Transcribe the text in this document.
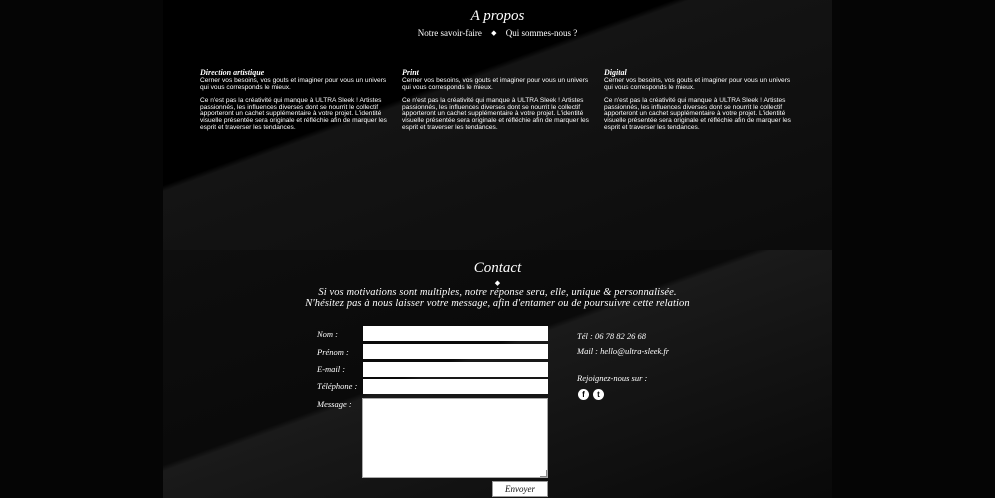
A propos
Notre savoir-faire ◆ Qui sommes-nous ?
Direction artistique

Cerner vos besoins, vos gouts et imaginer pour vous un univers qui vous corresponds le mieux.

Ce n'est pas la créativité qui manque à ULTRA Sleek ! Artistes passionnés, les influences diverses dont se nourrit le collectif apporteront un cachet supplémentaire à votre projet. L'identité visuelle présentée sera originale et réfléchie afin de marquer les esprit et traverser les tendances.

Print

Cerner vos besoins, vos gouts et imaginer pour vous un univers qui vous corresponds le mieux.

Ce n'est pas la créativité qui manque à ULTRA Sleek ! Artistes passionnés, les influences diverses dont se nourrit le collectif apporteront un cachet supplémentaire à votre projet. L'identité visuelle présentée sera originale et réfléchie afin de marquer les esprit et traverser les tendances.

Digital

Cerner vos besoins, vos gouts et imaginer pour vous un univers qui vous corresponds le mieux.

Ce n'est pas la créativité qui manque à ULTRA Sleek ! Artistes passionnés, les influences diverses dont se nourrit le collectif apporteront un cachet supplémentaire à votre projet. L'identité visuelle présentée sera originale et réfléchie afin de marquer les esprit et traverser les tendances.

Contact
◆
Si vos motivations sont multiples, notre réponse sera, elle, unique & personnalisée.
N'hésitez pas à nous laisser votre message, afin d'entamer ou de poursuivre cette relation
Nom :
Prénom :
E-mail :
Téléphone :
Message :
Envoyer
Tél : 06 78 82 26 68
Mail : hello@ultra-sleek.fr
Rejoignez-nous sur :
f	t
